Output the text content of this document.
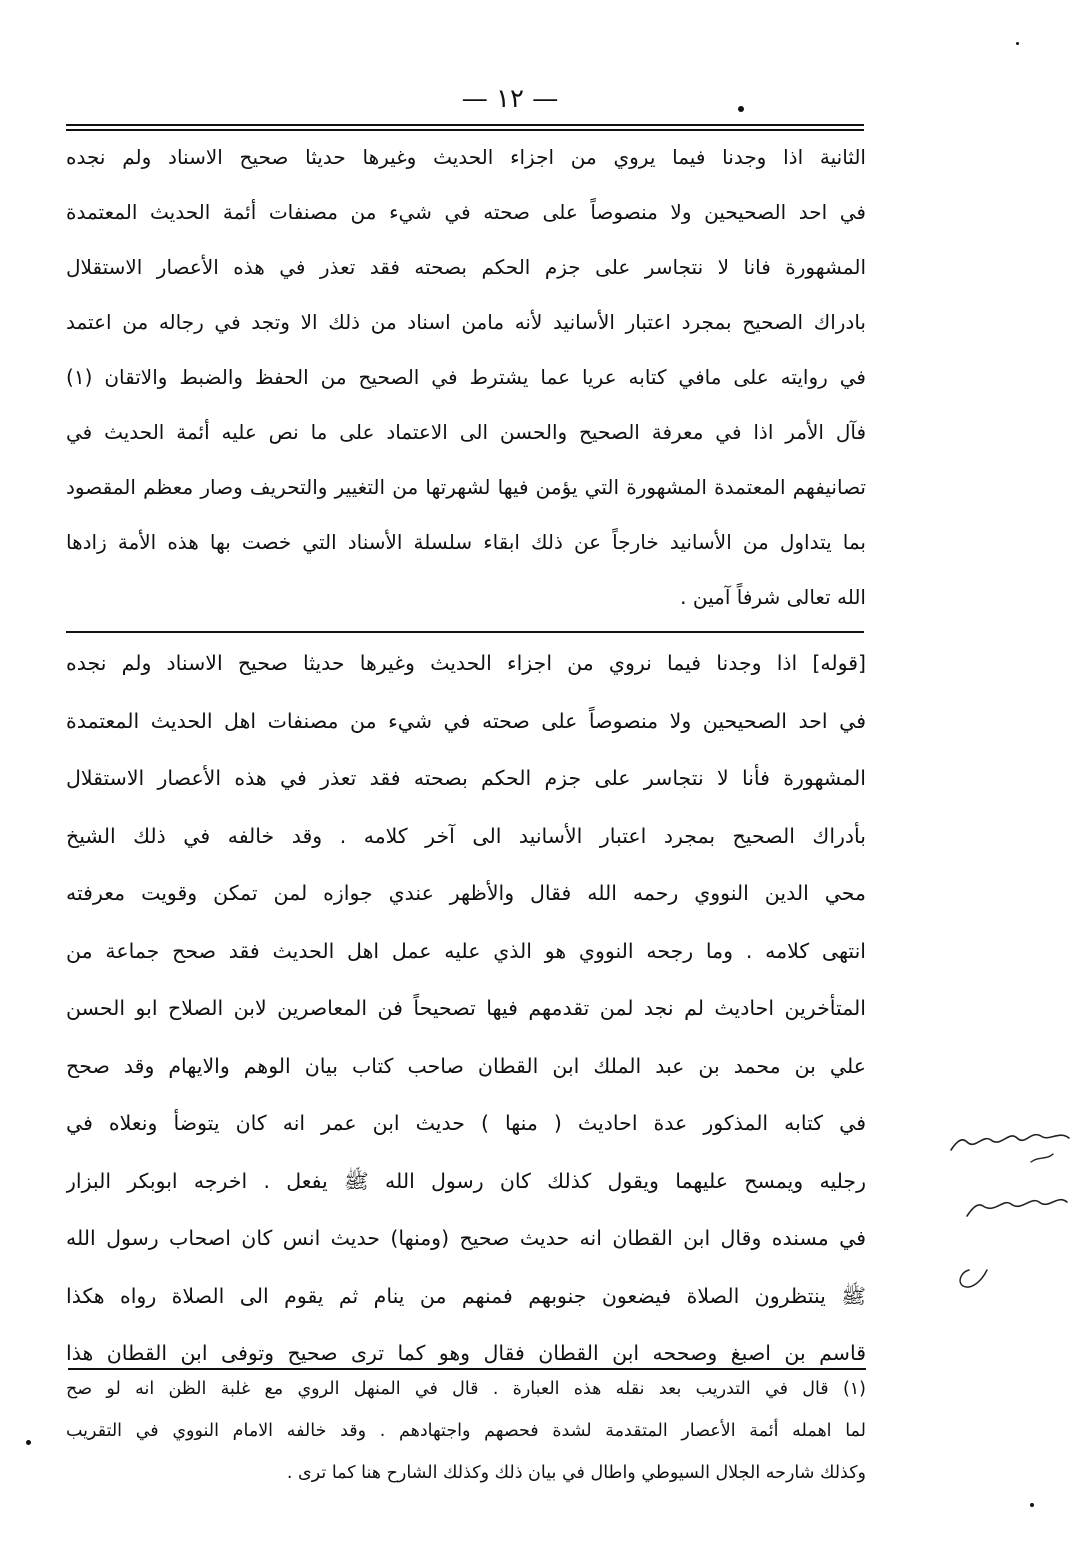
— ١٢ —
الثانية اذا وجدنا فيما يروي من اجزاء الحديث وغيرها حديثا صحيح الاسناد ولم نجده
في احد الصحيحين ولا منصوصاً على صحته في شيء من مصنفات أئمة الحديث المعتمدة
المشهورة فانا لا نتجاسر على جزم الحكم بصحته فقد تعذر في هذه الأعصار الاستقلال
بادراك الصحيح بمجرد اعتبار الأسانيد لأنه مامن اسناد من ذلك الا وتجد في رجاله من اعتمد
في روايته على مافي كتابه عريا عما يشترط في الصحيح من الحفظ والضبط والاتقان (١)
فآل الأمر اذا في معرفة الصحيح والحسن الى الاعتماد على ما نص عليه أئمة الحديث في
تصانيفهم المعتمدة المشهورة التي يؤمن فيها لشهرتها من التغيير والتحريف وصار معظم المقصود
بما يتداول من الأسانيد خارجاً عن ذلك ابقاء سلسلة الأسناد التي خصت بها هذه الأمة زادها
الله تعالى شرفاً آمين .
[قوله] اذا وجدنا فيما نروي من اجزاء الحديث وغيرها حديثا صحيح الاسناد ولم نجده
في احد الصحيحين ولا منصوصاً على صحته في شيء من مصنفات اهل الحديث المعتمدة
المشهورة فأنا لا نتجاسر على جزم الحكم بصحته فقد تعذر في هذه الأعصار الاستقلال
بأدراك الصحيح بمجرد اعتبار الأسانيد الى آخر كلامه . وقد خالفه في ذلك الشيخ
محي الدين النووي رحمه الله فقال والأظهر عندي جوازه لمن تمكن وقويت معرفته
انتهى كلامه . وما رجحه النووي هو الذي عليه عمل اهل الحديث فقد صحح جماعة من
المتأخرين احاديث لم نجد لمن تقدمهم فيها تصحيحاً فن المعاصرين لابن الصلاح ابو الحسن
علي بن محمد بن عبد الملك ابن القطان صاحب كتاب بيان الوهم والايهام وقد صحح
في كتابه المذكور عدة احاديث ( منها ) حديث ابن عمر انه كان يتوضأ ونعلاه في
رجليه ويمسح عليهما ويقول كذلك كان رسول الله ﷺ يفعل . اخرجه ابوبكر البزار
في مسنده وقال ابن القطان انه حديث صحيح (ومنها) حديث انس كان اصحاب رسول الله
ﷺ ينتظرون الصلاة فيضعون جنوبهم فمنهم من ينام ثم يقوم الى الصلاة رواه هكذا
قاسم بن اصبغ وصححه ابن القطان فقال وهو كما ترى صحيح وتوفى ابن القطان هذا
(١) قال في التدريب بعد نقله هذه العبارة . قال في المنهل الروي مع غلبة الظن انه لو صح
لما اهمله أئمة الأعصار المتقدمة لشدة فحصهم واجتهادهم . وقد خالفه الامام النووي في التقريب
وكذلك شارحه الجلال السيوطي واطال في بيان ذلك وكذلك الشارح هنا كما ترى .
